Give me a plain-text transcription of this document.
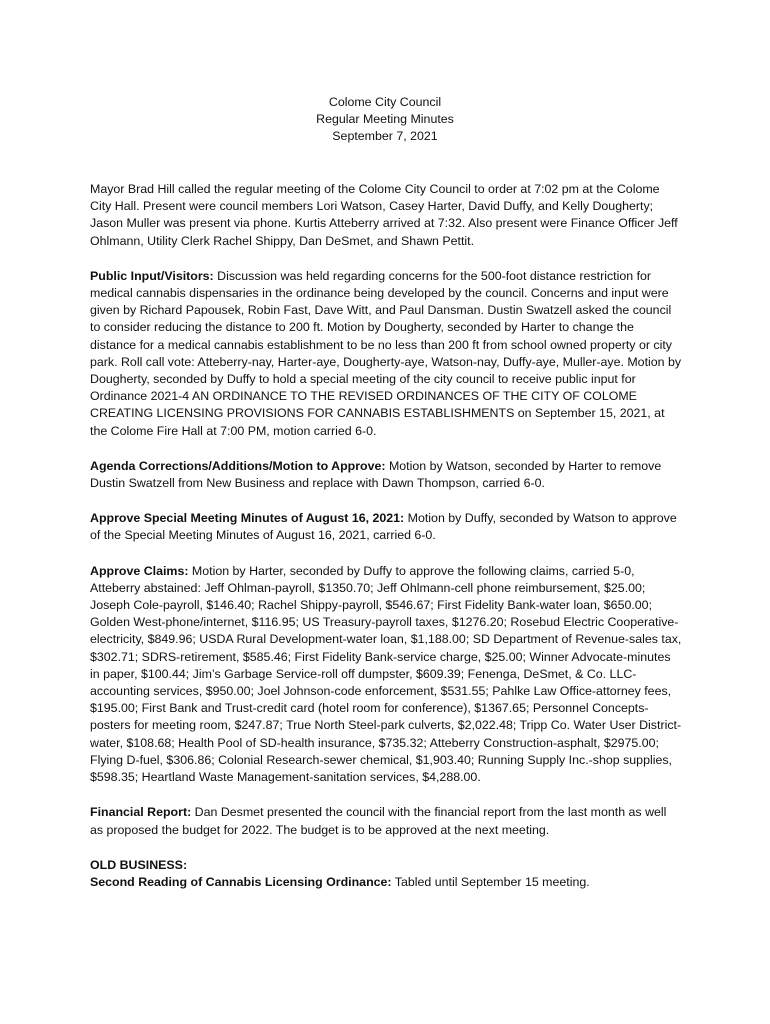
Colome City Council
Regular Meeting Minutes
September 7, 2021

Mayor Brad Hill called the regular meeting of the Colome City Council to order at 7:02 pm at the Colome City Hall. Present were council members Lori Watson, Casey Harter, David Duffy, and Kelly Dougherty; Jason Muller was present via phone. Kurtis Atteberry arrived at 7:32. Also present were Finance Officer Jeff Ohlmann, Utility Clerk Rachel Shippy, Dan DeSmet, and Shawn Pettit.

Public Input/Visitors: Discussion was held regarding concerns for the 500-foot distance restriction for medical cannabis dispensaries in the ordinance being developed by the council. Concerns and input were given by Richard Papousek, Robin Fast, Dave Witt, and Paul Dansman. Dustin Swatzell asked the council to consider reducing the distance to 200 ft. Motion by Dougherty, seconded by Harter to change the distance for a medical cannabis establishment to be no less than 200 ft from school owned property or city park. Roll call vote: Atteberry-nay, Harter-aye, Dougherty-aye, Watson-nay, Duffy-aye, Muller-aye. Motion by Dougherty, seconded by Duffy to hold a special meeting of the city council to receive public input for Ordinance 2021-4 AN ORDINANCE TO THE REVISED ORDINANCES OF THE CITY OF COLOME CREATING LICENSING PROVISIONS FOR CANNABIS ESTABLISHMENTS on September 15, 2021, at the Colome Fire Hall at 7:00 PM, motion carried 6-0.

Agenda Corrections/Additions/Motion to Approve: Motion by Watson, seconded by Harter to remove Dustin Swatzell from New Business and replace with Dawn Thompson, carried 6-0.

Approve Special Meeting Minutes of August 16, 2021: Motion by Duffy, seconded by Watson to approve of the Special Meeting Minutes of August 16, 2021, carried 6-0.

Approve Claims: Motion by Harter, seconded by Duffy to approve the following claims, carried 5-0, Atteberry abstained: Jeff Ohlman-payroll, $1350.70; Jeff Ohlmann-cell phone reimbursement, $25.00; Joseph Cole-payroll, $146.40; Rachel Shippy-payroll, $546.67; First Fidelity Bank-water loan, $650.00; Golden West-phone/internet, $116.95; US Treasury-payroll taxes, $1276.20; Rosebud Electric Cooperative-electricity, $849.96; USDA Rural Development-water loan, $1,188.00; SD Department of Revenue-sales tax, $302.71; SDRS-retirement, $585.46; First Fidelity Bank-service charge, $25.00; Winner Advocate-minutes in paper, $100.44; Jim’s Garbage Service-roll off dumpster, $609.39; Fenenga, DeSmet, & Co. LLC-accounting services, $950.00; Joel Johnson-code enforcement, $531.55; Pahlke Law Office-attorney fees, $195.00; First Bank and Trust-credit card (hotel room for conference), $1367.65; Personnel Concepts-posters for meeting room, $247.87; True North Steel-park culverts, $2,022.48; Tripp Co. Water User District-water, $108.68; Health Pool of SD-health insurance, $735.32; Atteberry Construction-asphalt, $2975.00; Flying D-fuel, $306.86; Colonial Research-sewer chemical, $1,903.40; Running Supply Inc.-shop supplies, $598.35; Heartland Waste Management-sanitation services, $4,288.00.

Financial Report: Dan Desmet presented the council with the financial report from the last month as well as proposed the budget for 2022. The budget is to be approved at the next meeting.

OLD BUSINESS:
Second Reading of Cannabis Licensing Ordinance: Tabled until September 15 meeting.
